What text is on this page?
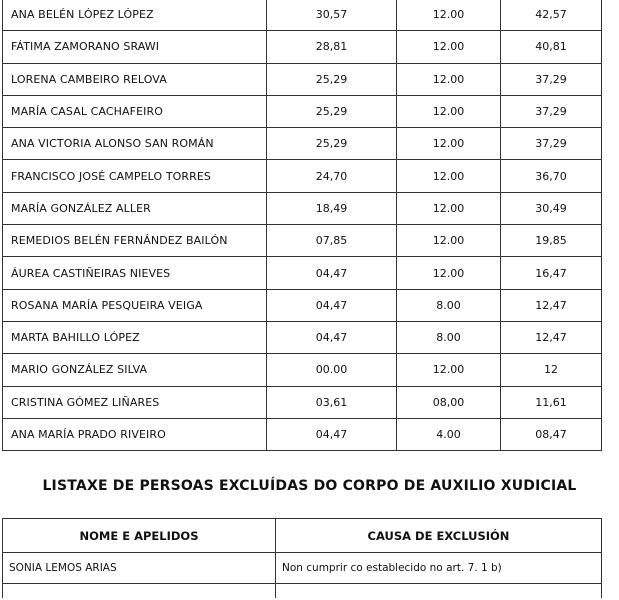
ANA BELÉN LÓPEZ LÓPEZ	30,57	12.00	42,57
FÁTIMA ZAMORANO SRAWI	28,81	12.00	40,81
LORENA CAMBEIRO RELOVA	25,29	12.00	37,29
MARÍA CASAL CACHAFEIRO	25,29	12.00	37,29
ANA VICTORIA ALONSO SAN ROMÁN	25,29	12.00	37,29
FRANCISCO JOSÉ CAMPELO TORRES	24,70	12.00	36,70
MARÍA GONZÁLEZ ALLER	18,49	12.00	30,49
REMEDIOS BELÉN FERNÁNDEZ BAILÓN	07,85	12.00	19,85
ÁUREA CASTIÑEIRAS NIEVES	04,47	12.00	16,47
ROSANA MARÍA PESQUEIRA VEIGA	04,47	8.00	12,47
MARTA BAHILLO LÓPEZ	04,47	8.00	12,47
MARIO GONZÁLEZ SILVA	00.00	12.00	12
CRISTINA GÓMEZ LIÑARES	03,61	08,00	11,61
ANA MARÍA PRADO RIVEIRO	04,47	4.00	08,47
LISTAXE DE PERSOAS EXCLUÍDAS DO CORPO DE AUXILIO XUDICIAL
NOME E APELIDOS	CAUSA DE EXCLUSIÓN
SONIA LEMOS ARIAS	Non cumprir co establecido no art. 7. 1 b)
